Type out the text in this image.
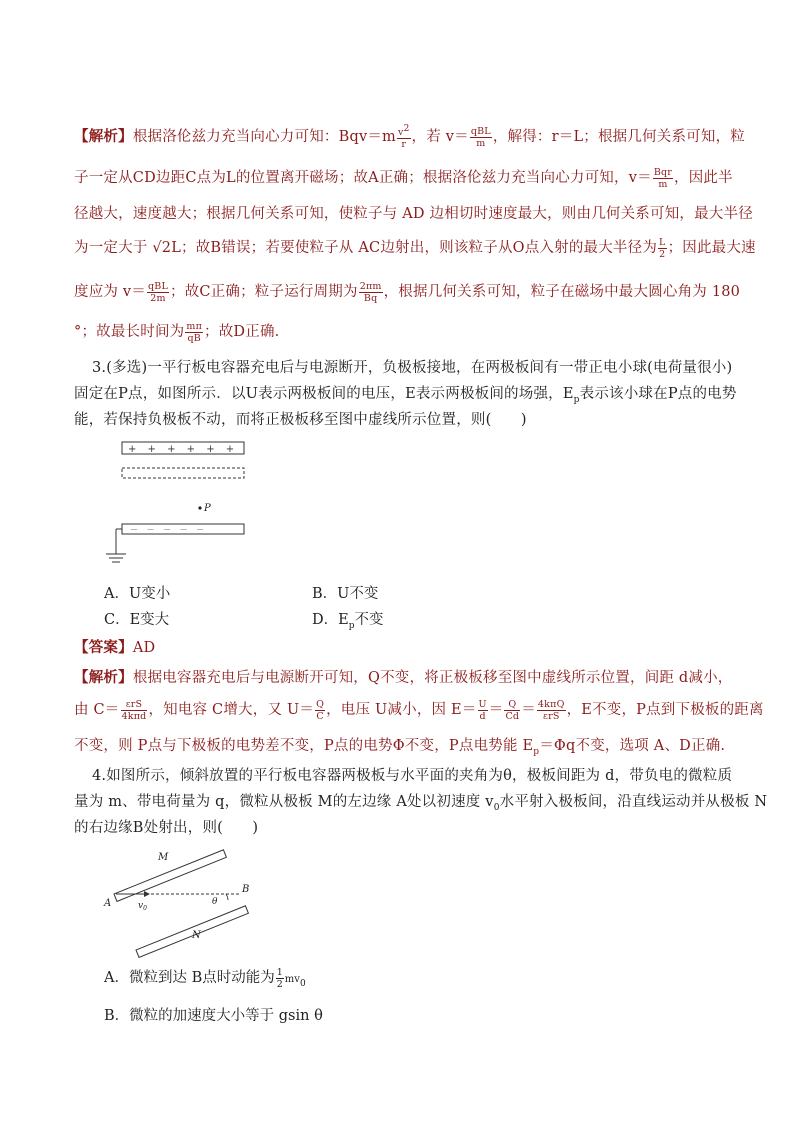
【解析】根据洛伦兹力充当向心力可知：$Bqv=m \frac{v2}{r}$ ，若 $v= \frac{\text{qBL}}{m}$ ，解得：r＝L；根据几何关系可知，粒
子一定从CD边距C点为L的位置离开磁场；故A正确；根据洛伦兹力充当向心力可知，$v= \frac{\text{Bqr}}{m}$ ，因此半
径越大，速度越大；根据几何关系可知，使粒子与 AD 边相切时速度最大，则由几何关系可知，最大半径
为一定大于 √2L；故B错误；若要使粒子从 AC边射出，则该粒子从O点入射的最大半径为 $\frac{L}{2}$ ；因此最大速
度应为 $v= \frac{\text{qBL}}{2m}$ ；故C正确；粒子运行周期为 $\frac{2\pi m}{Bq}$ ，根据几何关系可知，粒子在磁场中最大圆心角为 180
°；故最长时间为 $\frac{m\pi}{qB}$ ；故D正确.
3.(多选)一平行板电容器充电后与电源断开，负极板接地，在两极板间有一带正电小球(电荷量很小)
固定在P点，如图所示．以U表示两极板间的电压，E表示两极板间的场强，$E_p$表示该小球在P点的电势
能，若保持负极板不动，而将正极板移至图中虚线所示位置，则(　　)
+ + + + + +
P
－ － － － －
A．U变小	B．U不变
C．E变大	D．$E_p$不变
【答案】AD
【解析】根据电容器充电后与电源断开可知，Q不变，将正极板移至图中虚线所示位置，间距 d减小，
由 $C= \frac{\text{εrS}}{\text{4kπd}}$ ，知电容 C增大，又 $U= \frac{Q}{C}$ ，电压 U减小，因 $E= \frac{U}{d} = \frac{Q}{Cd} = \frac{\text{4kπQ}}{\text{εrS}}$ ，E不变，P点到下极板的距离
不变，则 P点与下极板的电势差不变，P点的电势Φ不变，P点电势能 $E_p=\Phi q$不变，选项 A、D正确.
4.如图所示，倾斜放置的平行板电容器两极板与水平面的夹角为θ，极板间距为 d，带负电的微粒质
量为 m、带电荷量为 q，微粒从极板 M的左边缘 A处以初速度 $v_0$水平射入极板间，沿直线运动并从极板 N
的右边缘B处射出，则(　　)
M
N
A
B
$v_0$
θ
A．微粒到达 B点时动能为 $\frac{1}{2} mv_0$
B．微粒的加速度大小等于 gsin θ
